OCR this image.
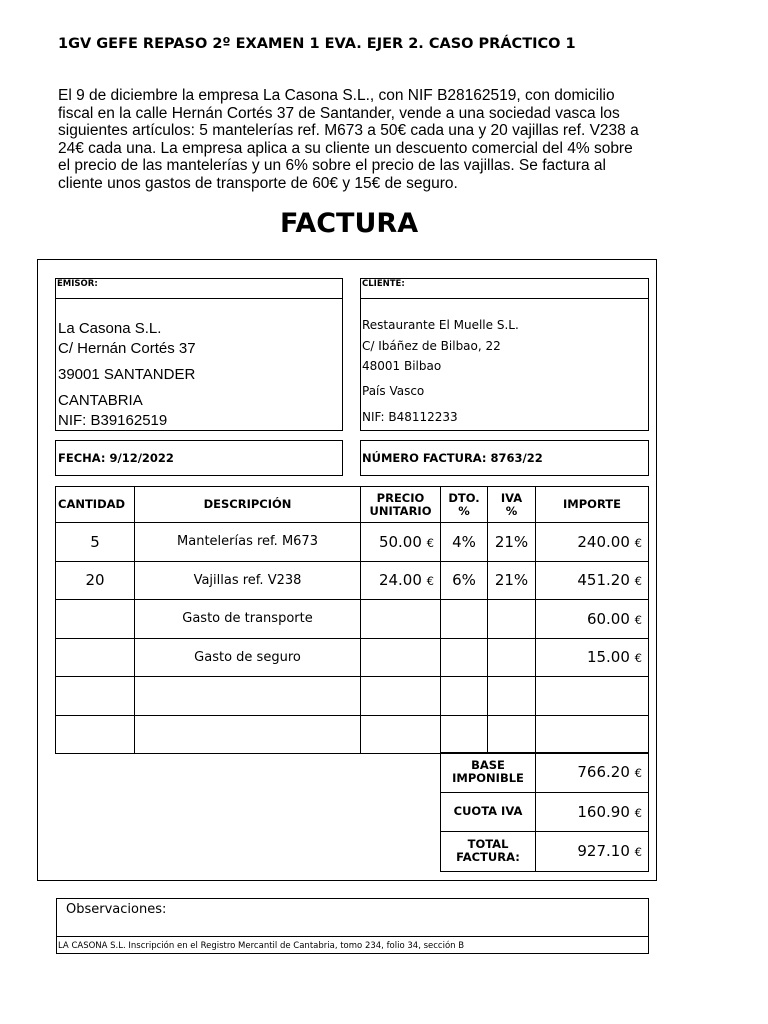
1GV GEFE REPASO 2º EXAMEN 1 EVA. EJER 2. CASO PRÁCTICO 1
El 9 de diciembre la empresa La Casona S.L., con NIF B28162519, con domicilio
fiscal en la calle Hernán Cortés 37 de Santander, vende a una sociedad vasca los
siguientes artículos: 5 mantelerías ref. M673 a 50€ cada una y 20 vajillas ref. V238 a
24€ cada una. La empresa aplica a su cliente un descuento comercial del 4% sobre
el precio de las mantelerías y un 6% sobre el precio de las vajillas. Se factura al
cliente unos gastos de transporte de 60€ y 15€ de seguro.
FACTURA
EMISOR:
La Casona S.L.
C/ Hernán Cortés 37
39001 SANTANDER
CANTABRIA
NIF: B39162519
CLIENTE:
Restaurante El Muelle S.L.
C/ Ibáñez de Bilbao, 22
48001 Bilbao
País Vasco
NIF: B48112233
FECHA: 9/12/2022	NÚMERO FACTURA: 8763/22
CANTIDAD	DESCRIPCIÓN	PRECIO UNITARIO	DTO. %	IVA %	IMPORTE
5	Mantelerías ref. M673	50.00 €	4%	21%	240.00 €
20	Vajillas ref. V238	24.00 €	6%	21%	451.20 €
	Gasto de transporte				60.00 €
	Gasto de seguro				15.00 €

BASE IMPONIBLE	766.20 €
CUOTA IVA	160.90 €
TOTAL FACTURA:	927.10 €
Observaciones:
LA CASONA S.L. Inscripción en el Registro Mercantil de Cantabria, tomo 234, folio 34, sección B
